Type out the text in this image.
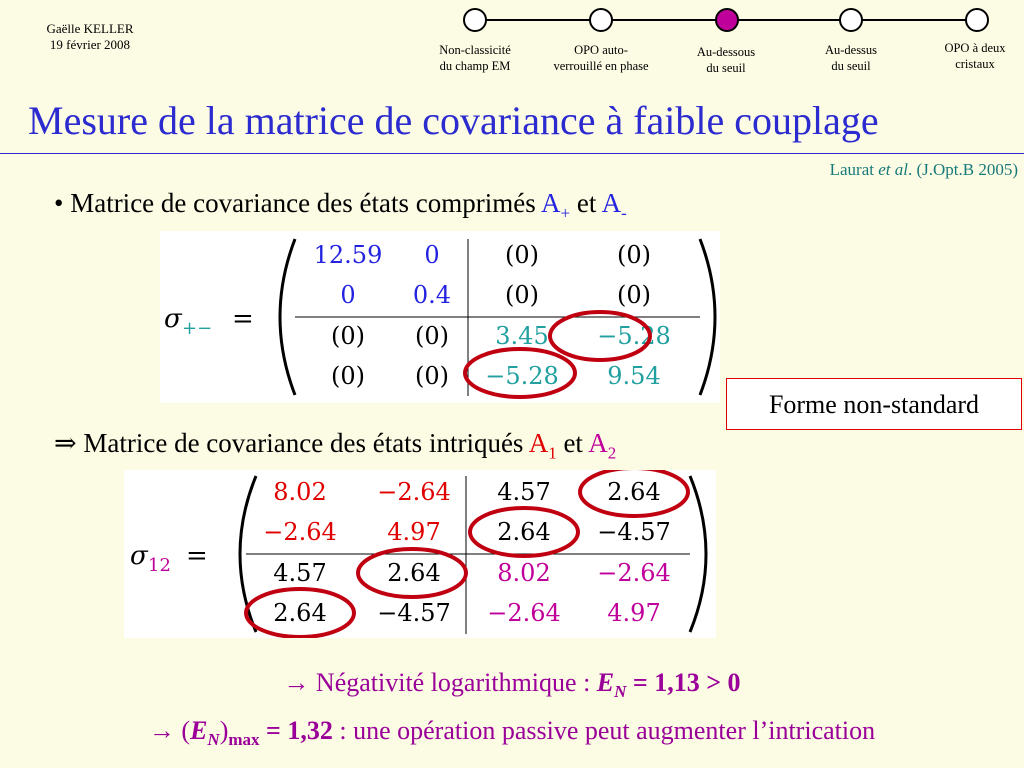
Gaëlle KELLER
19 février 2008	Non-classicité
du champ EM
OPO auto-
verrouillé en phase
Au-dessous
du seuil
Au-dessus
du seuil
OPO à deux
cristaux
Mesure de la matrice de covariance à faible couplage
Laurat et al. (J.Opt.B 2005)
• Matrice de covariance des états comprimés $A_+$ et $A_-$
σ +− =
12.59 0	(0)	(0)
0 0.4 (0)	(0)
(0) (0) 3.45 −5.28
(0) (0) −5.28 9.54
Forme non-standard
⇒ Matrice de covariance des états intriqués $A_1$ et $A_2$
σ 12 =
8.02 −2.64 4.57 2.64
−2.64 4.97 2.64 −4.57
4.57	2.64 8.02 −2.64
2.64 −4.57 −2.64 4.97
→ Négativité logarithmique : $E_N = 1,13 > 0$
→ $(E_N)_{max} = 1,32$ : une opération passive peut augmenter l’intrication
